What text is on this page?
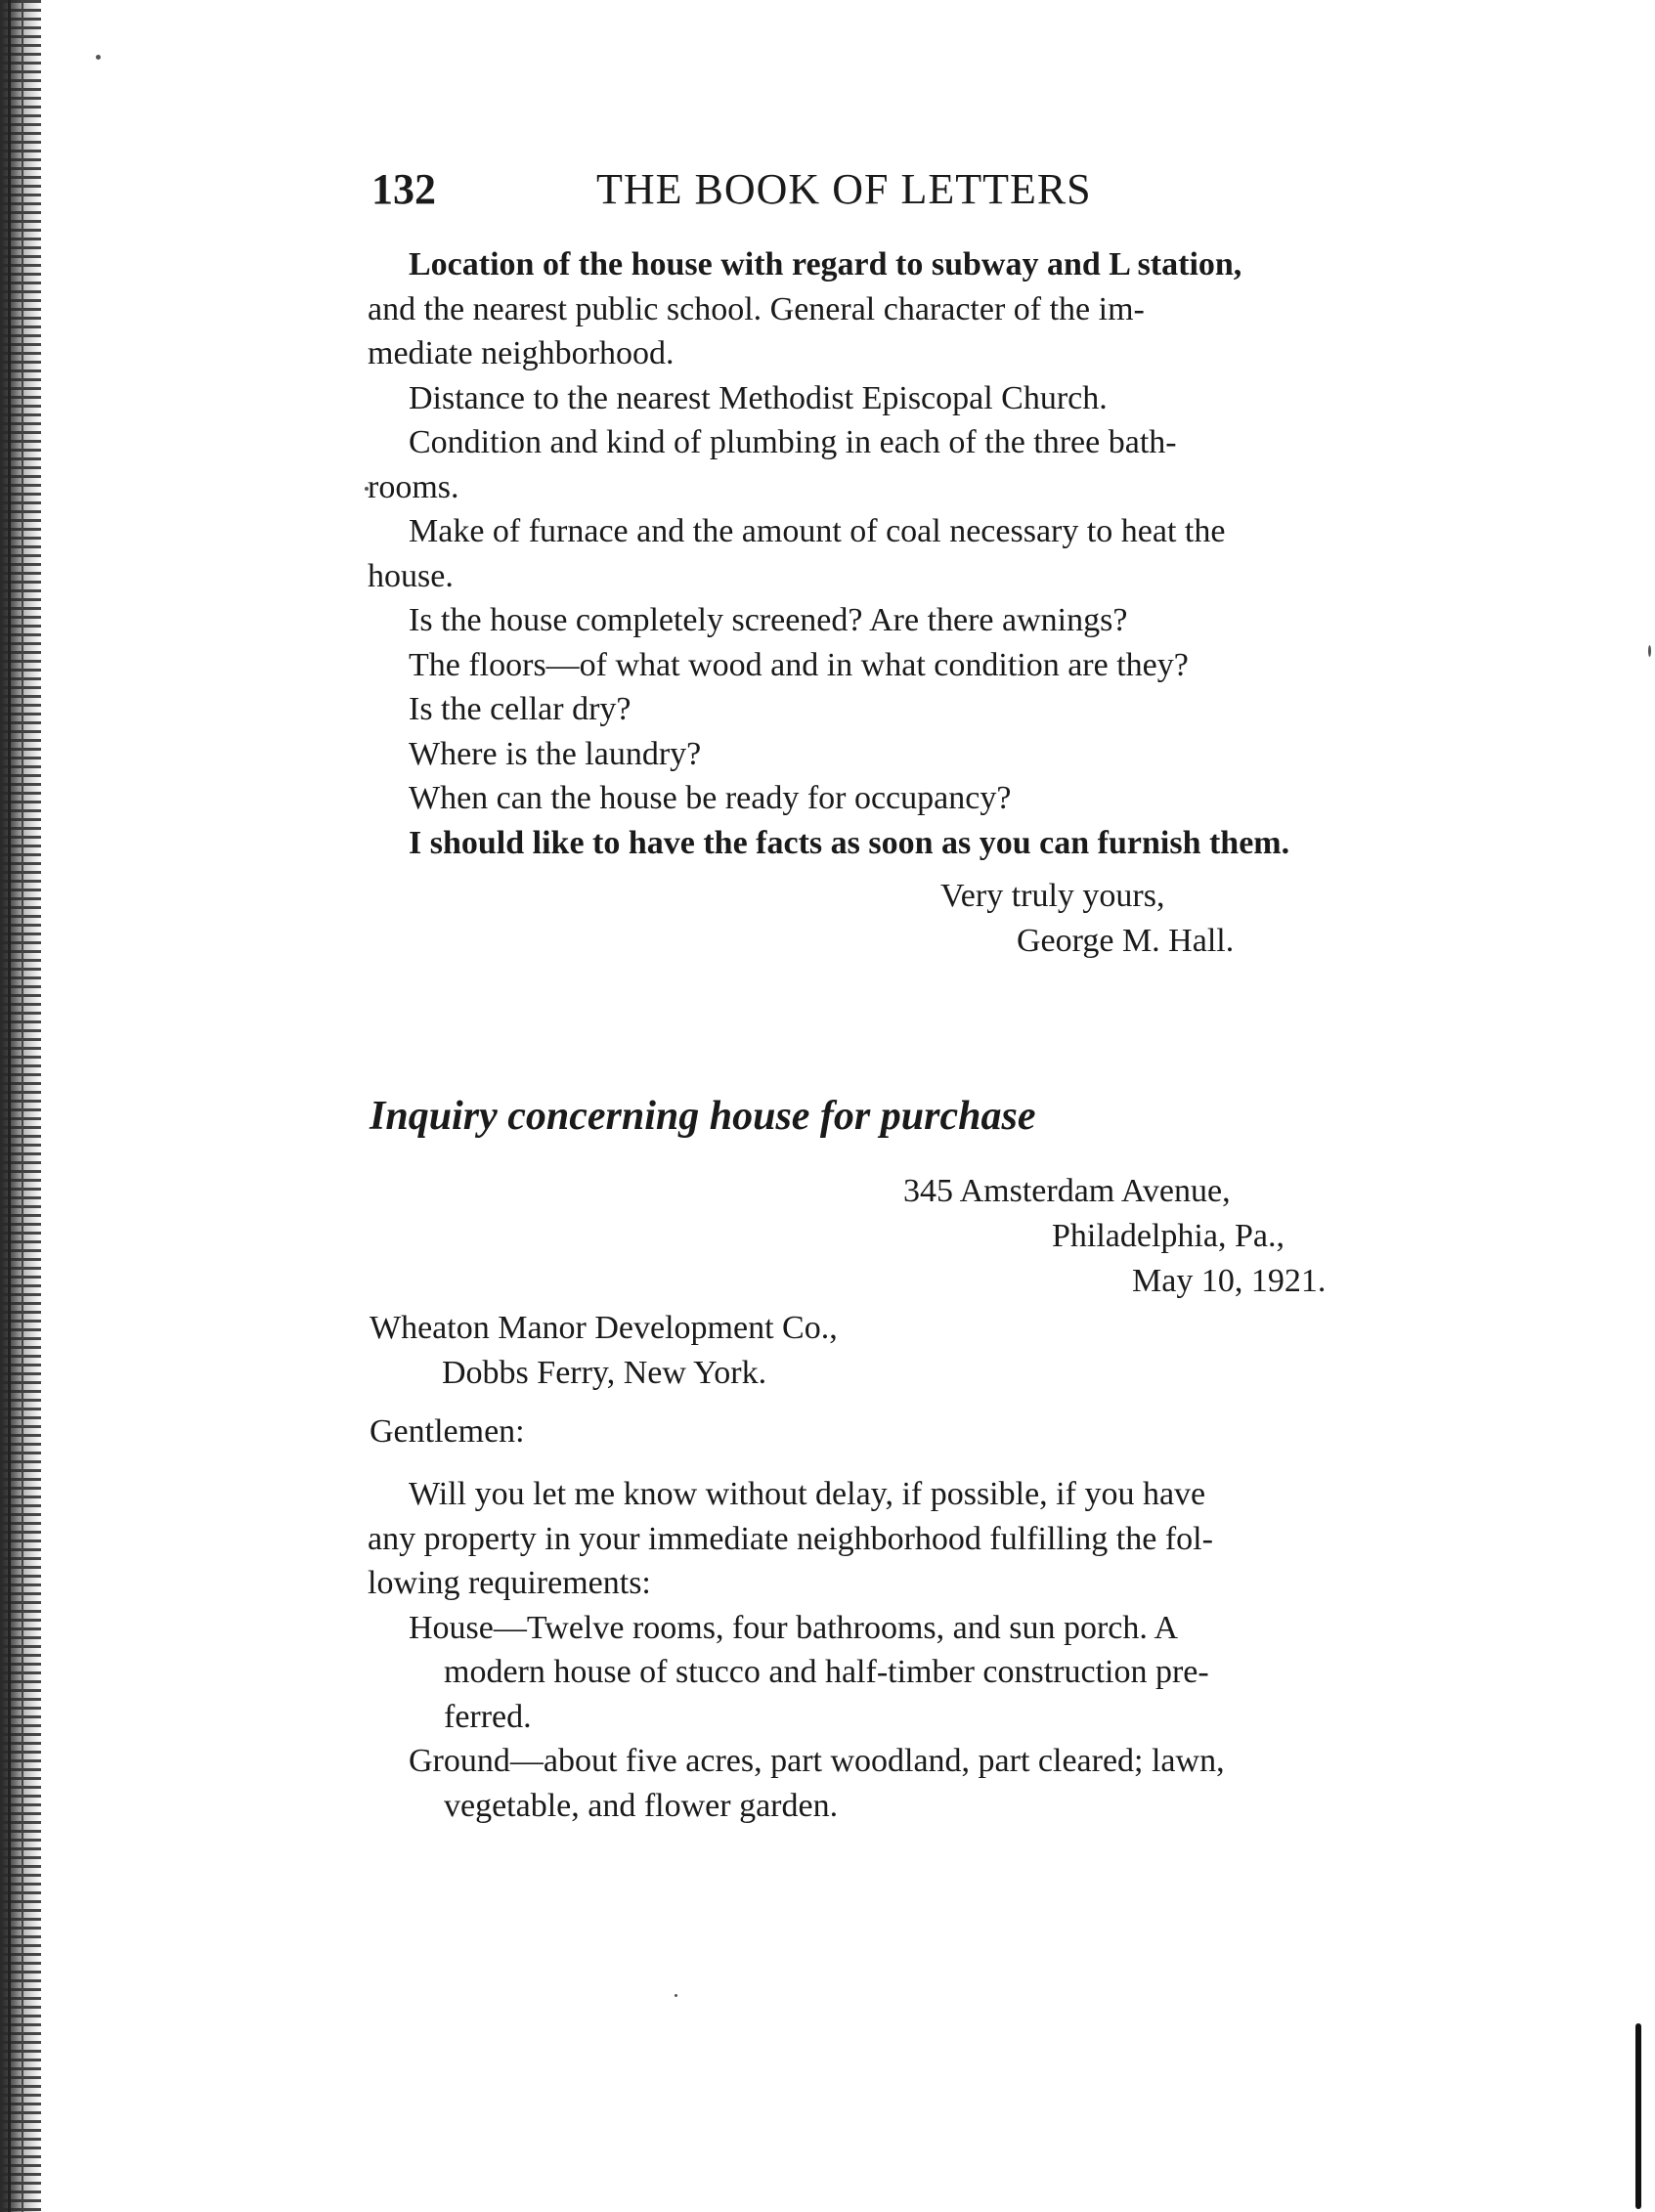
132	THE BOOK OF LETTERS
Location of the house with regard to subway and L station,
and the nearest public school. General character of the im-
mediate neighborhood.
Distance to the nearest Methodist Episcopal Church.
Condition and kind of plumbing in each of the three bath-
rooms.
Make of furnace and the amount of coal necessary to heat the
house.
Is the house completely screened? Are there awnings?
The floors—of what wood and in what condition are they?
Is the cellar dry?
Where is the laundry?
When can the house be ready for occupancy?
I should like to have the facts as soon as you can furnish them.
Very truly yours,
George M. Hall.
Inquiry concerning house for purchase
345 Amsterdam Avenue,
Philadelphia, Pa.,
May 10, 1921.
Wheaton Manor Development Co.,
Dobbs Ferry, New York.
Gentlemen:
Will you let me know without delay, if possible, if you have
any property in your immediate neighborhood fulfilling the fol-
lowing requirements:
House—Twelve rooms, four bathrooms, and sun porch. A
modern house of stucco and half-timber construction pre-
ferred.
Ground—about five acres, part woodland, part cleared; lawn,
vegetable, and flower garden.
